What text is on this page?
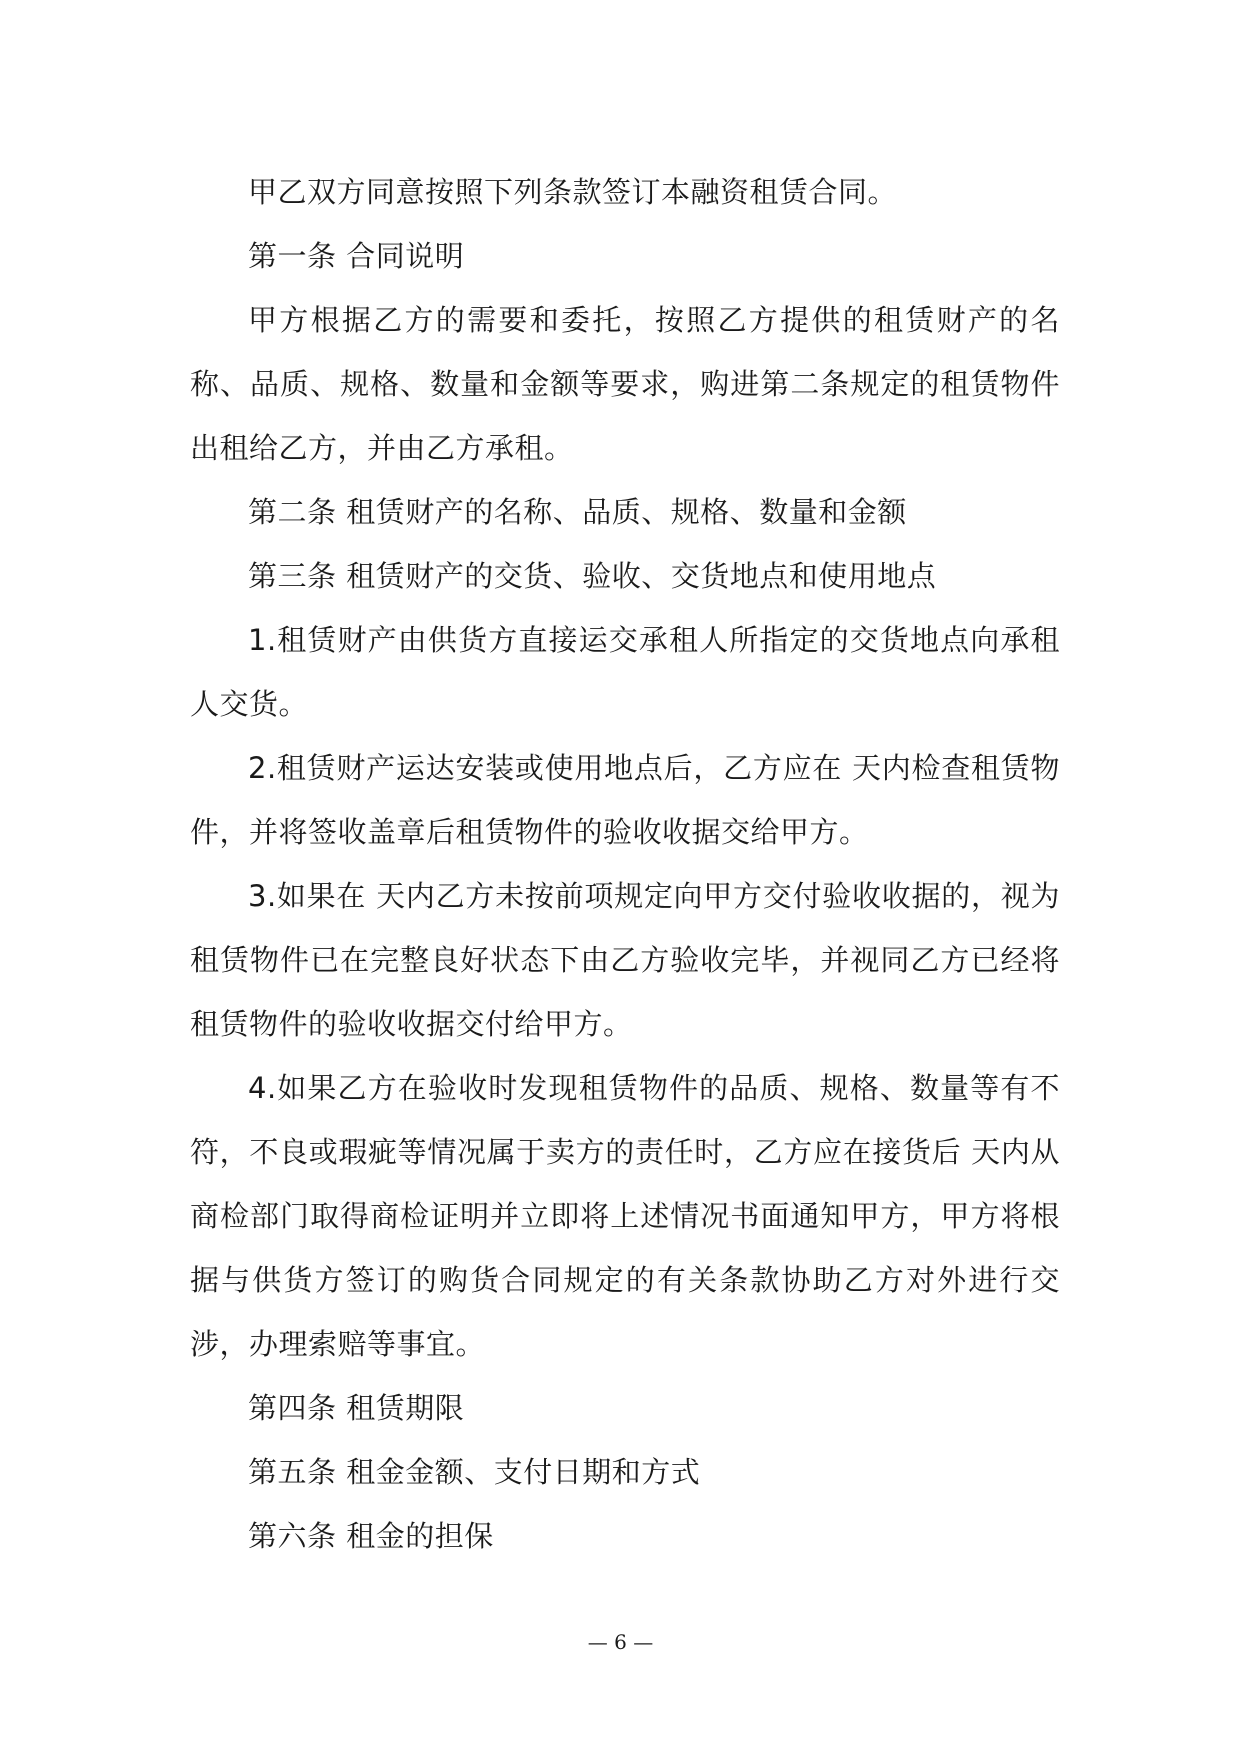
甲乙双方同意按照下列条款签订本融资租赁合同。

第一条 合同说明

甲方根据乙方的需要和委托，按照乙方提供的租赁财产的名称、品质、规格、数量和金额等要求，购进第二条规定的租赁物件出租给乙方，并由乙方承租。

第二条 租赁财产的名称、品质、规格、数量和金额

第三条 租赁财产的交货、验收、交货地点和使用地点

1.租赁财产由供货方直接运交承租人所指定的交货地点向承租人交货。

2.租赁财产运达安装或使用地点后，乙方应在 天内检查租赁物件，并将签收盖章后租赁物件的验收收据交给甲方。

3.如果在 天内乙方未按前项规定向甲方交付验收收据的，视为租赁物件已在完整良好状态下由乙方验收完毕，并视同乙方已经将租赁物件的验收收据交付给甲方。

4.如果乙方在验收时发现租赁物件的品质、规格、数量等有不符，不良或瑕疵等情况属于卖方的责任时，乙方应在接货后 天内从商检部门取得商检证明并立即将上述情况书面通知甲方，甲方将根据与供货方签订的购货合同规定的有关条款协助乙方对外进行交涉，办理索赔等事宜。

第四条 租赁期限

第五条 租金金额、支付日期和方式

第六条 租金的担保

— 6 —
